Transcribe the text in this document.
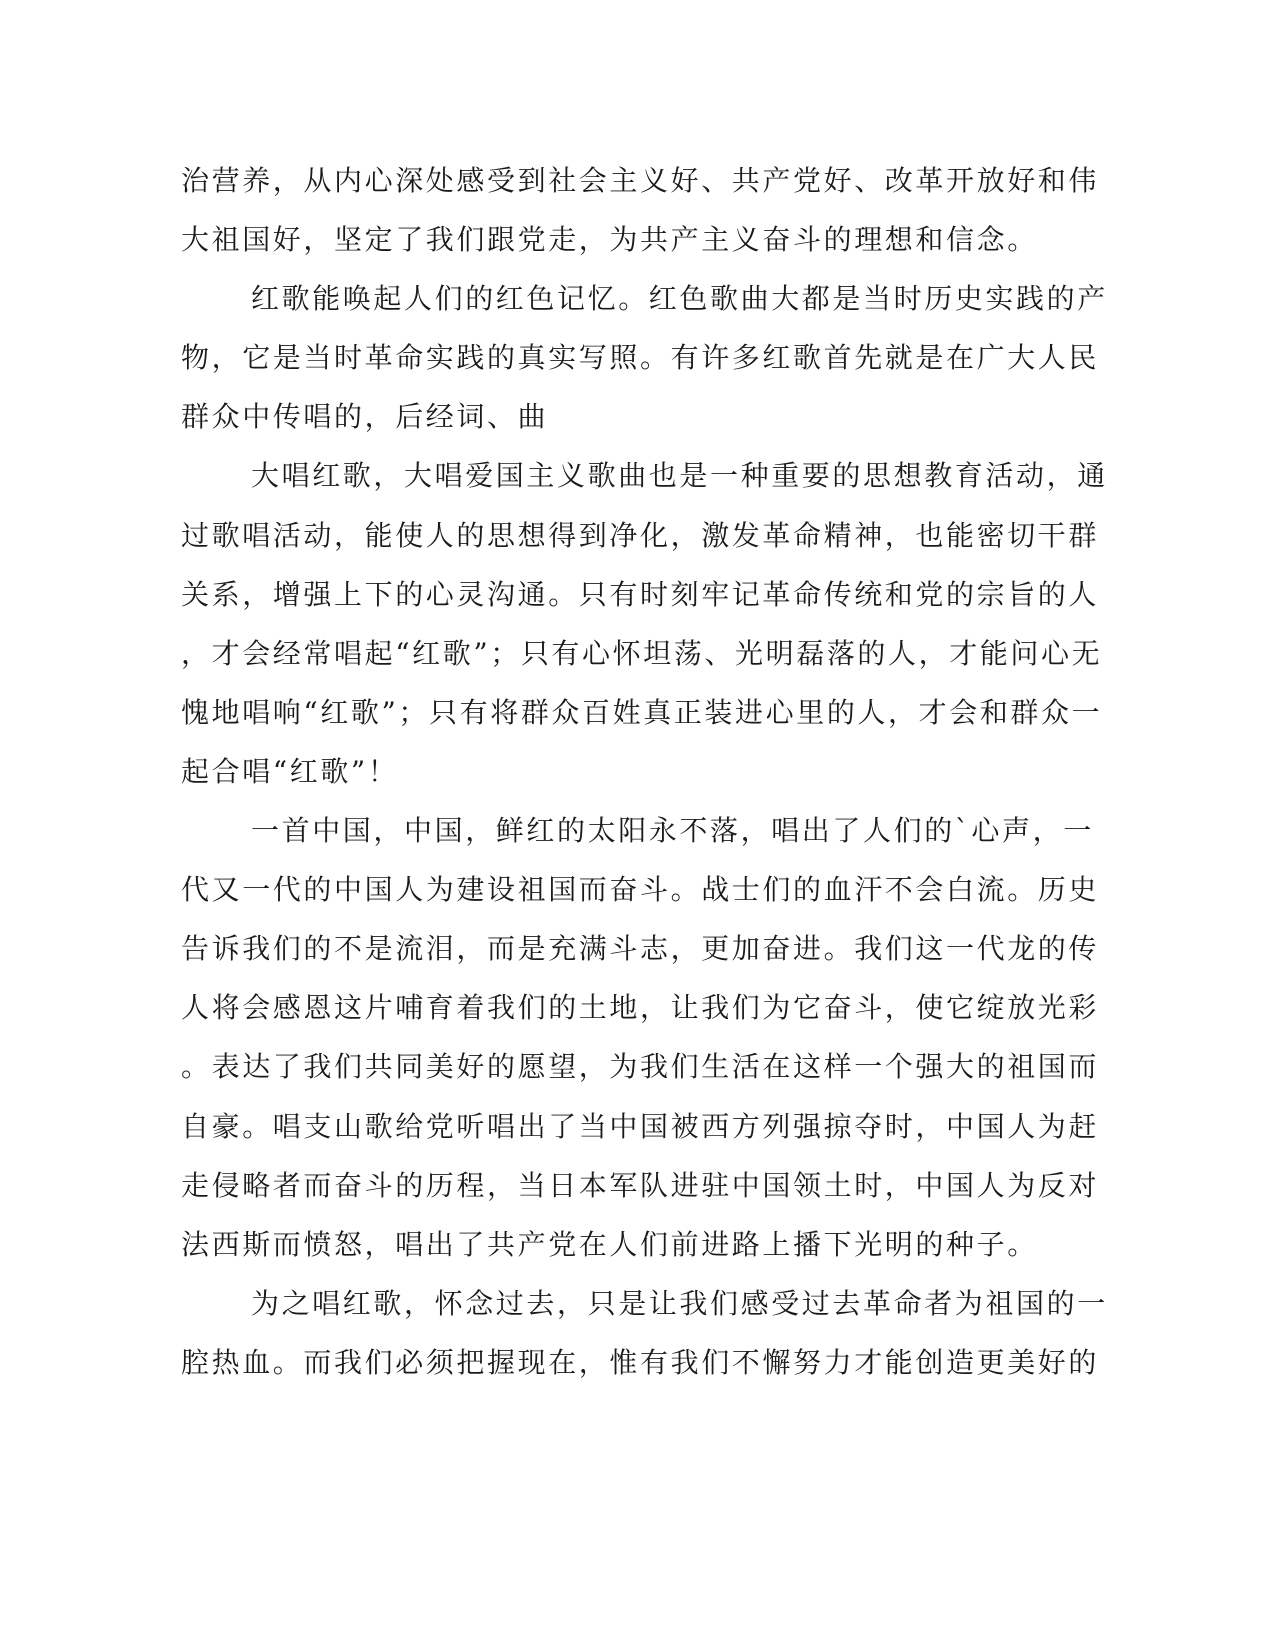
治营养，从内心深处感受到社会主义好、共产党好、改革开放好和伟
大祖国好，坚定了我们跟党走，为共产主义奋斗的理想和信念。
红歌能唤起人们的红色记忆。红色歌曲大都是当时历史实践的产
物，它是当时革命实践的真实写照。有许多红歌首先就是在广大人民
群众中传唱的，后经词、曲
大唱红歌，大唱爱国主义歌曲也是一种重要的思想教育活动，通
过歌唱活动，能使人的思想得到净化，激发革命精神，也能密切干群
关系，增强上下的心灵沟通。只有时刻牢记革命传统和党的宗旨的人
，才会经常唱起“红歌”；只有心怀坦荡、光明磊落的人，才能问心无
愧地唱响“红歌”；只有将群众百姓真正装进心里的人，才会和群众一
起合唱“红歌”！
一首中国，中国，鲜红的太阳永不落，唱出了人们的`心声，一
代又一代的中国人为建设祖国而奋斗。战士们的血汗不会白流。历史
告诉我们的不是流泪，而是充满斗志，更加奋进。我们这一代龙的传
人将会感恩这片哺育着我们的土地，让我们为它奋斗，使它绽放光彩
。表达了我们共同美好的愿望，为我们生活在这样一个强大的祖国而
自豪。唱支山歌给党听唱出了当中国被西方列强掠夺时，中国人为赶
走侵略者而奋斗的历程，当日本军队进驻中国领土时，中国人为反对
法西斯而愤怒，唱出了共产党在人们前进路上播下光明的种子。
为之唱红歌，怀念过去，只是让我们感受过去革命者为祖国的一
腔热血。而我们必须把握现在，惟有我们不懈努力才能创造更美好的
